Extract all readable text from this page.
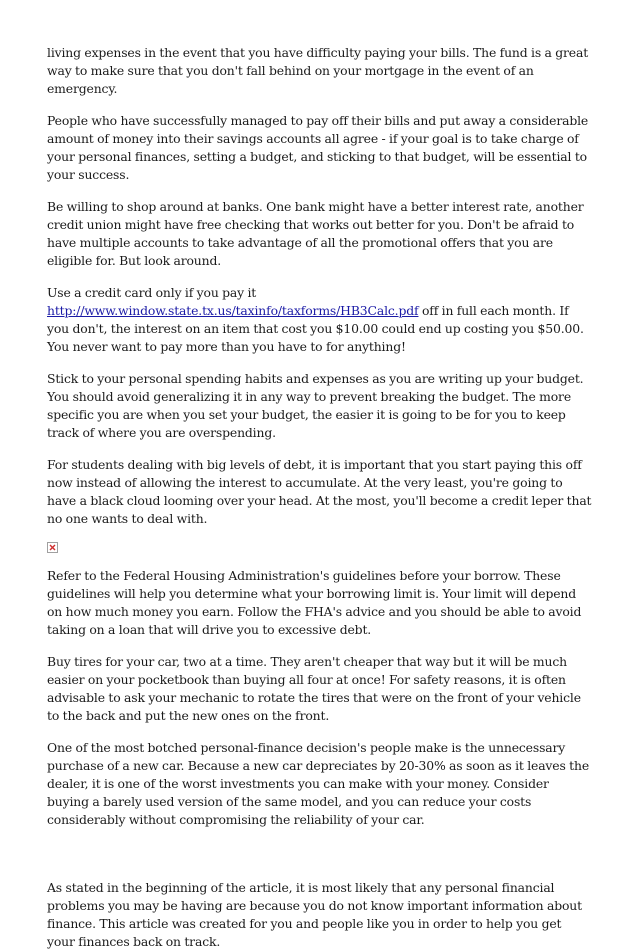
living expenses in the event that you have difficulty paying your bills. The fund is a great way to make sure that you don't fall behind on your mortgage in the event of an emergency.

People who have successfully managed to pay off their bills and put away a considerable amount of money into their savings accounts all agree - if your goal is to take charge of your personal finances, setting a budget, and sticking to that budget, will be essential to your success.

Be willing to shop around at banks. One bank might have a better interest rate, another credit union might have free checking that works out better for you. Don't be afraid to have multiple accounts to take advantage of all the promotional offers that you are eligible for. But look around.

Use a credit card only if you pay it http://www.window.state.tx.us/taxinfo/taxforms/HB3Calc.pdf off in full each month. If you don't, the interest on an item that cost you $10.00 could end up costing you $50.00. You never want to pay more than you have to for anything!

Stick to your personal spending habits and expenses as you are writing up your budget. You should avoid generalizing it in any way to prevent breaking the budget. The more specific you are when you set your budget, the easier it is going to be for you to keep track of where you are overspending.

For students dealing with big levels of debt, it is important that you start paying this off now instead of allowing the interest to accumulate. At the very least, you're going to have a black cloud looming over your head. At the most, you'll become a credit leper that no one wants to deal with.

Refer to the Federal Housing Administration's guidelines before your borrow. These guidelines will help you determine what your borrowing limit is. Your limit will depend on how much money you earn. Follow the FHA's advice and you should be able to avoid taking on a loan that will drive you to excessive debt.

Buy tires for your car, two at a time. They aren't cheaper that way but it will be much easier on your pocketbook than buying all four at once! For safety reasons, it is often advisable to ask your mechanic to rotate the tires that were on the front of your vehicle to the back and put the new ones on the front.

One of the most botched personal-finance decision's people make is the unnecessary purchase of a new car. Because a new car depreciates by 20-30% as soon as it leaves the dealer, it is one of the worst investments you can make with your money. Consider buying a barely used version of the same model, and you can reduce your costs considerably without compromising the reliability of your car.

As stated in the beginning of the article, it is most likely that any personal financial problems you may be having are because you do not know important information about finance. This article was created for you and people like you in order to help you get your finances back on track.
